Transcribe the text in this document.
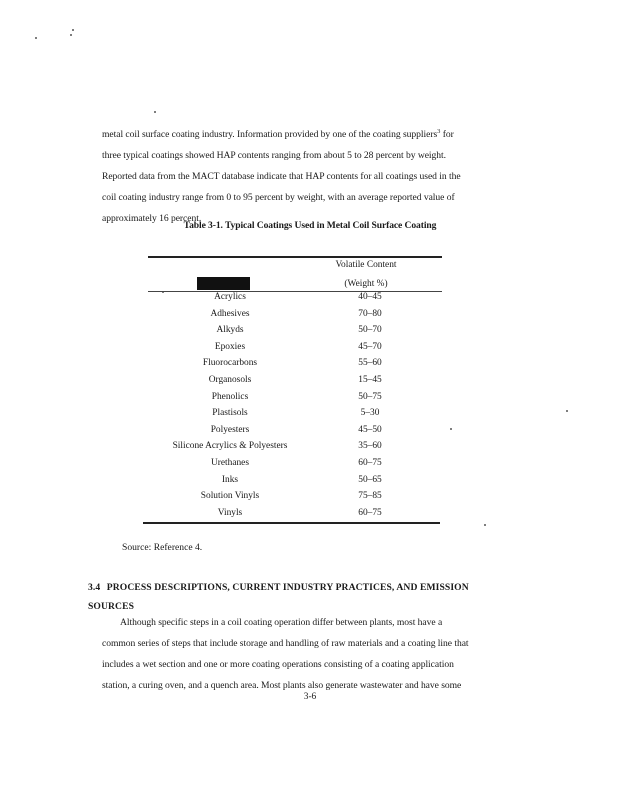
metal coil surface coating industry. Information provided by one of the coating suppliers$^3$ for
three typical coatings showed HAP contents ranging from about 5 to 28 percent by weight.
Reported data from the MACT database indicate that HAP contents for all coatings used in the
coil coating industry range from 0 to 95 percent by weight, with an average reported value of
approximately 16 percent.
Table 3-1. Typical Coatings Used in Metal Coil Surface Coating
Volatile Content
(Weight %)
Acrylics	40–45
Adhesives	70–80
Alkyds	50–70
Epoxies	45–70
Fluorocarbons	55–60
Organosols	15–45
Phenolics	50–75
Plastisols	5–30
Polyesters	45–50
Silicone Acrylics & Polyesters	35–60
Urethanes	60–75
Inks	50–65
Solution Vinyls	75–85
Vinyls	60–75
Source: Reference 4.
3.4 PROCESS DESCRIPTIONS, CURRENT INDUSTRY PRACTICES, AND EMISSION
SOURCES
Although specific steps in a coil coating operation differ between plants, most have a
common series of steps that include storage and handling of raw materials and a coating line that
includes a wet section and one or more coating operations consisting of a coating application
station, a curing oven, and a quench area. Most plants also generate wastewater and have some
3-6
